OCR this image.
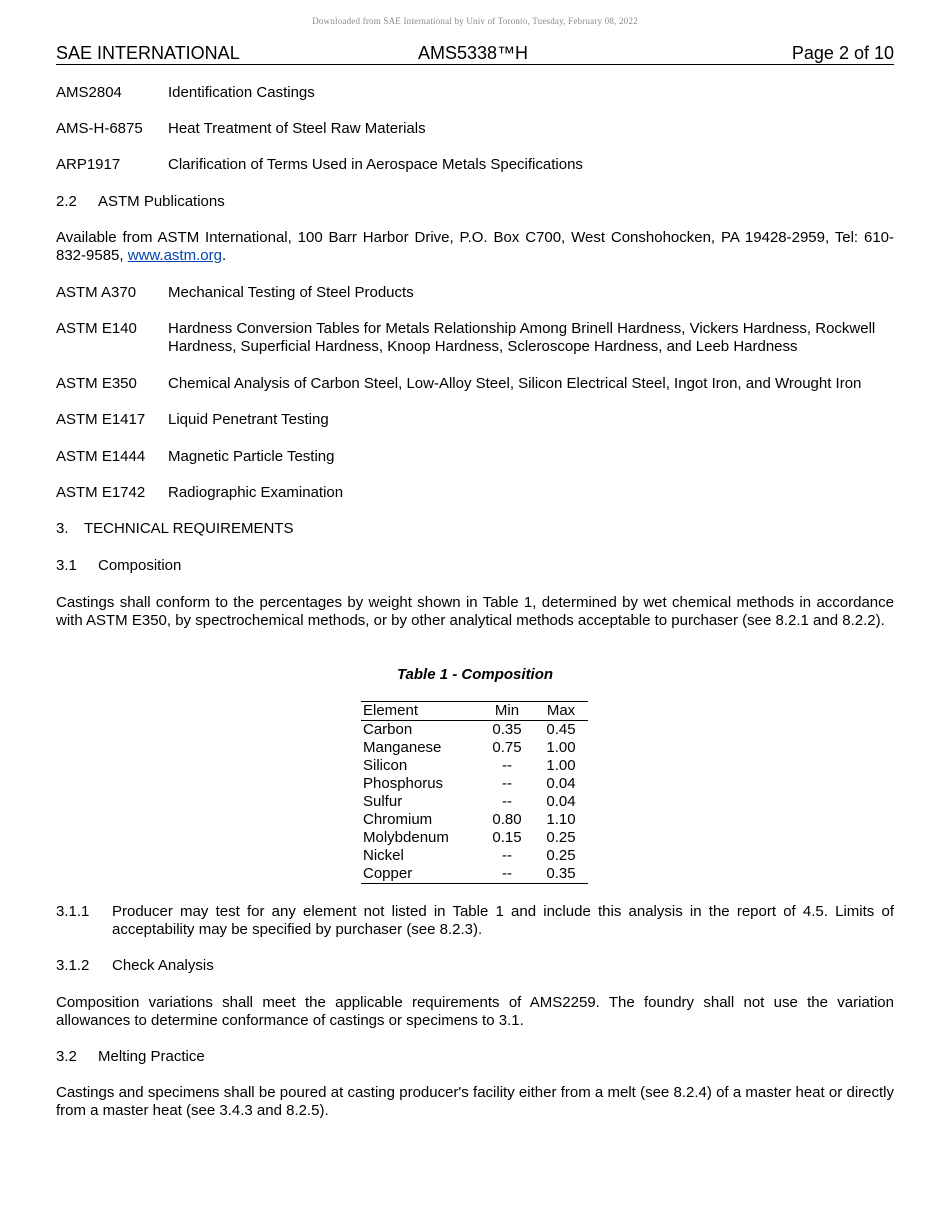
Downloaded from SAE International by Univ of Toronto, Tuesday, February 08, 2022
SAE INTERNATIONAL	AMS5338™H	Page 2 of 10
AMS2804	Identification Castings
AMS-H-6875 Heat Treatment of Steel Raw Materials
ARP1917	Clarification of Terms Used in Aerospace Metals Specifications
2.2 ASTM Publications
Available from ASTM International, 100 Barr Harbor Drive, P.O. Box C700, West Conshohocken, PA 19428-2959, Tel: 610-832-9585, www.astm.org.
ASTM A370 Mechanical Testing of Steel Products
ASTM E140 Hardness Conversion Tables for Metals Relationship Among Brinell Hardness, Vickers Hardness, Rockwell Hardness, Superficial Hardness, Knoop Hardness, Scleroscope Hardness, and Leeb Hardness
ASTM E350 Chemical Analysis of Carbon Steel, Low-Alloy Steel, Silicon Electrical Steel, Ingot Iron, and Wrought Iron
ASTM E1417 Liquid Penetrant Testing
ASTM E1444 Magnetic Particle Testing
ASTM E1742 Radiographic Examination
3. TECHNICAL REQUIREMENTS
3.1 Composition
Castings shall conform to the percentages by weight shown in Table 1, determined by wet chemical methods in accordance with ASTM E350, by spectrochemical methods, or by other analytical methods acceptable to purchaser (see 8.2.1 and 8.2.2).
Table 1 - Composition
Element	Min	Max
Carbon	0.35	0.45
Manganese	0.75	1.00
Silicon	--	1.00
Phosphorus	--	0.04
Sulfur	--	0.04
Chromium	0.80	1.10
Molybdenum	0.15	0.25
Nickel	--	0.25
Copper	--	0.35
3.1.1 Producer may test for any element not listed in Table 1 and include this analysis in the report of 4.5. Limits of acceptability may be specified by purchaser (see 8.2.3).
3.1.2 Check Analysis
Composition variations shall meet the applicable requirements of AMS2259. The foundry shall not use the variation allowances to determine conformance of castings or specimens to 3.1.
3.2 Melting Practice
Castings and specimens shall be poured at casting producer's facility either from a melt (see 8.2.4) of a master heat or directly from a master heat (see 3.4.3 and 8.2.5).
